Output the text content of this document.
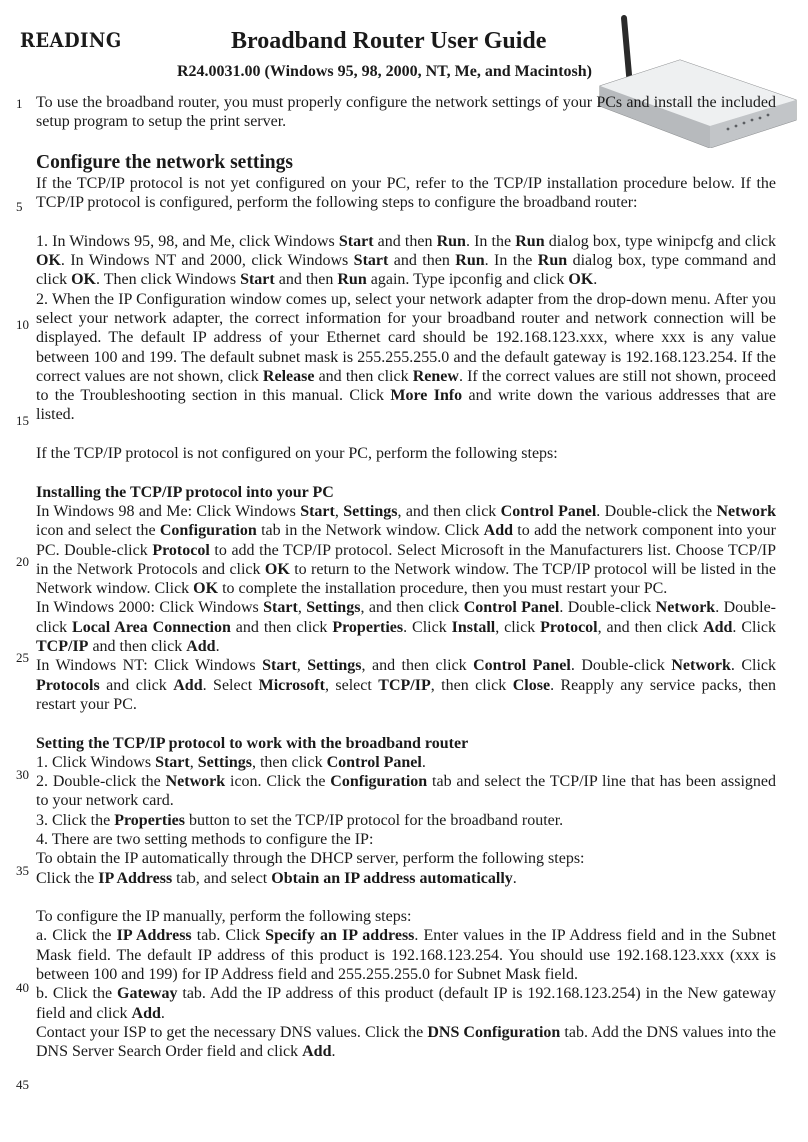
READING	Broadband Router User Guide
R24.0031.00 (Windows 95, 98, 2000, NT, Me, and Macintosh)
1
5
10
15
20
25
30
35
40
45

To use the broadband router, you must properly configure the network settings of your PCs and install the included setup program to setup the print server.

Configure the network settings

If the TCP/IP protocol is not yet configured on your PC, refer to the TCP/IP installation procedure below. If the TCP/IP protocol is configured, perform the following steps to configure the broadband router:

1. In Windows 95, 98, and Me, click Windows Start and then Run. In the Run dialog box, type winipcfg and click OK. In Windows NT and 2000, click Windows Start and then Run. In the Run dialog box, type command and click OK. Then click Windows Start and then Run again. Type ipconfig and click OK.

2. When the IP Configuration window comes up, select your network adapter from the drop-down menu. After you select your network adapter, the correct information for your broadband router and network connection will be displayed. The default IP address of your Ethernet card should be 192.168.123.xxx, where xxx is any value between 100 and 199. The default subnet mask is 255.255.255.0 and the default gateway is 192.168.123.254. If the correct values are not shown, click Release and then click Renew. If the correct values are still not shown, proceed to the Troubleshooting section in this manual. Click More Info and write down the various addresses that are listed.

If the TCP/IP protocol is not configured on your PC, perform the following steps:

Installing the TCP/IP protocol into your PC

In Windows 98 and Me: Click Windows Start, Settings, and then click Control Panel. Double-click the Network icon and select the Configuration tab in the Network window. Click Add to add the network component into your PC. Double-click Protocol to add the TCP/IP protocol. Select Microsoft in the Manufacturers list. Choose TCP/IP in the Network Protocols and click OK to return to the Network window. The TCP/IP protocol will be listed in the Network window. Click OK to complete the installation procedure, then you must restart your PC.

In Windows 2000: Click Windows Start, Settings, and then click Control Panel. Double-click Network. Double-click Local Area Connection and then click Properties. Click Install, click Protocol, and then click Add. Click TCP/IP and then click Add.

In Windows NT: Click Windows Start, Settings, and then click Control Panel. Double-click Network. Click Protocols and click Add. Select Microsoft, select TCP/IP, then click Close. Reapply any service packs, then restart your PC.

Setting the TCP/IP protocol to work with the broadband router

1. Click Windows Start, Settings, then click Control Panel.

2. Double-click the Network icon. Click the Configuration tab and select the TCP/IP line that has been assigned to your network card.

3. Click the Properties button to set the TCP/IP protocol for the broadband router.

4. There are two setting methods to configure the IP:

To obtain the IP automatically through the DHCP server, perform the following steps:

Click the IP Address tab, and select Obtain an IP address automatically.

To configure the IP manually, perform the following steps:

a. Click the IP Address tab. Click Specify an IP address. Enter values in the IP Address field and in the Subnet Mask field. The default IP address of this product is 192.168.123.254. You should use 192.168.123.xxx (xxx is between 100 and 199) for IP Address field and 255.255.255.0 for Subnet Mask field.

b. Click the Gateway tab. Add the IP address of this product (default IP is 192.168.123.254) in the New gateway field and click Add.

Contact your ISP to get the necessary DNS values. Click the DNS Configuration tab. Add the DNS values into the DNS Server Search Order field and click Add.
